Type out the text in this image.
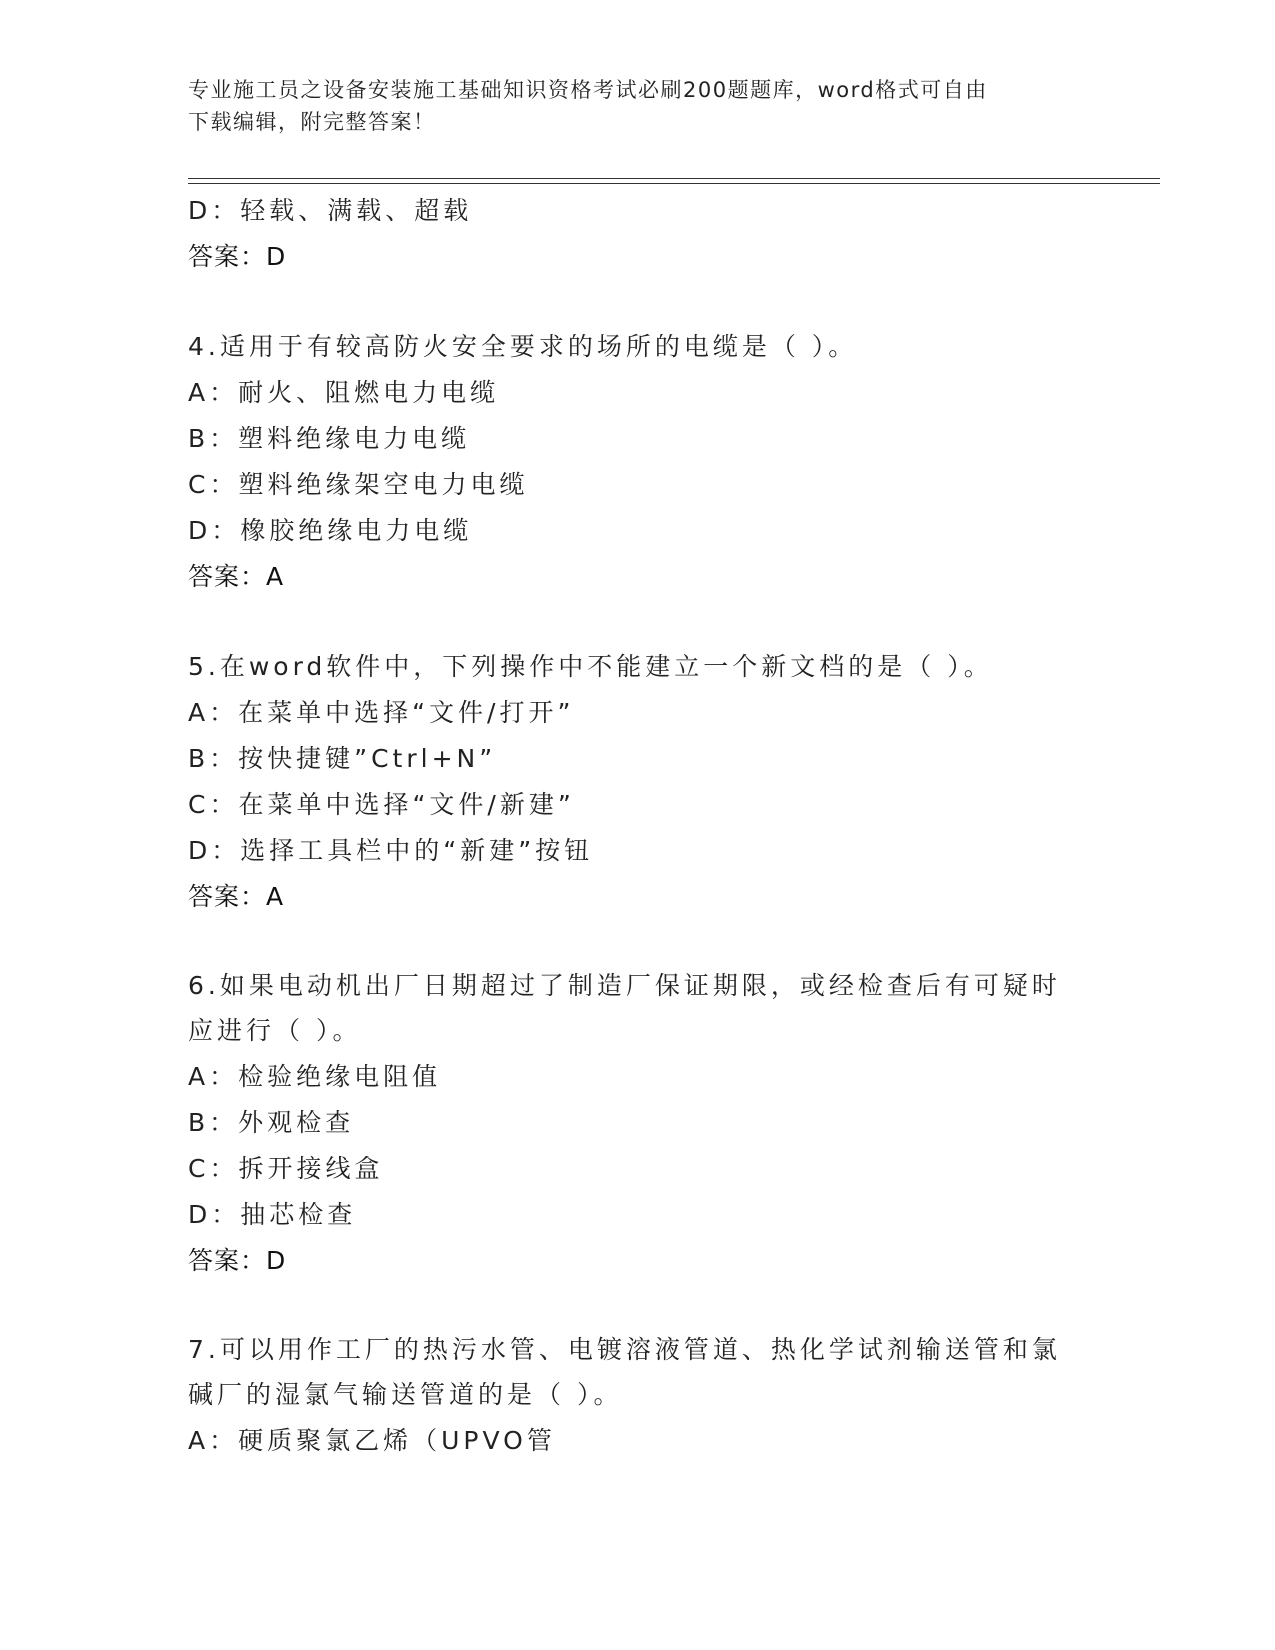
专业施工员之设备安装施工基础知识资格考试必刷200题题库，word格式可自由
下载编辑，附完整答案！
D：轻载、满载、超载
答案：D
4.适用于有较高防火安全要求的场所的电缆是（ ）。
A：耐火、阻燃电力电缆
B：塑料绝缘电力电缆
C：塑料绝缘架空电力电缆
D：橡胶绝缘电力电缆
答案：A
5.在word软件中，下列操作中不能建立一个新文档的是（ ）。
A：在菜单中选择“文件/打开”
B：按快捷键”Ctrl+N”
C：在菜单中选择“文件/新建”
D：选择工具栏中的“新建”按钮
答案：A
6.如果电动机出厂日期超过了制造厂保证期限，或经检查后有可疑时
应进行（ ）。
A：检验绝缘电阻值
B：外观检查
C：拆开接线盒
D：抽芯检查
答案：D
7.可以用作工厂的热污水管、电镀溶液管道、热化学试剂输送管和氯
碱厂的湿氯气输送管道的是（ ）。
A：硬质聚氯乙烯（UPVO管
